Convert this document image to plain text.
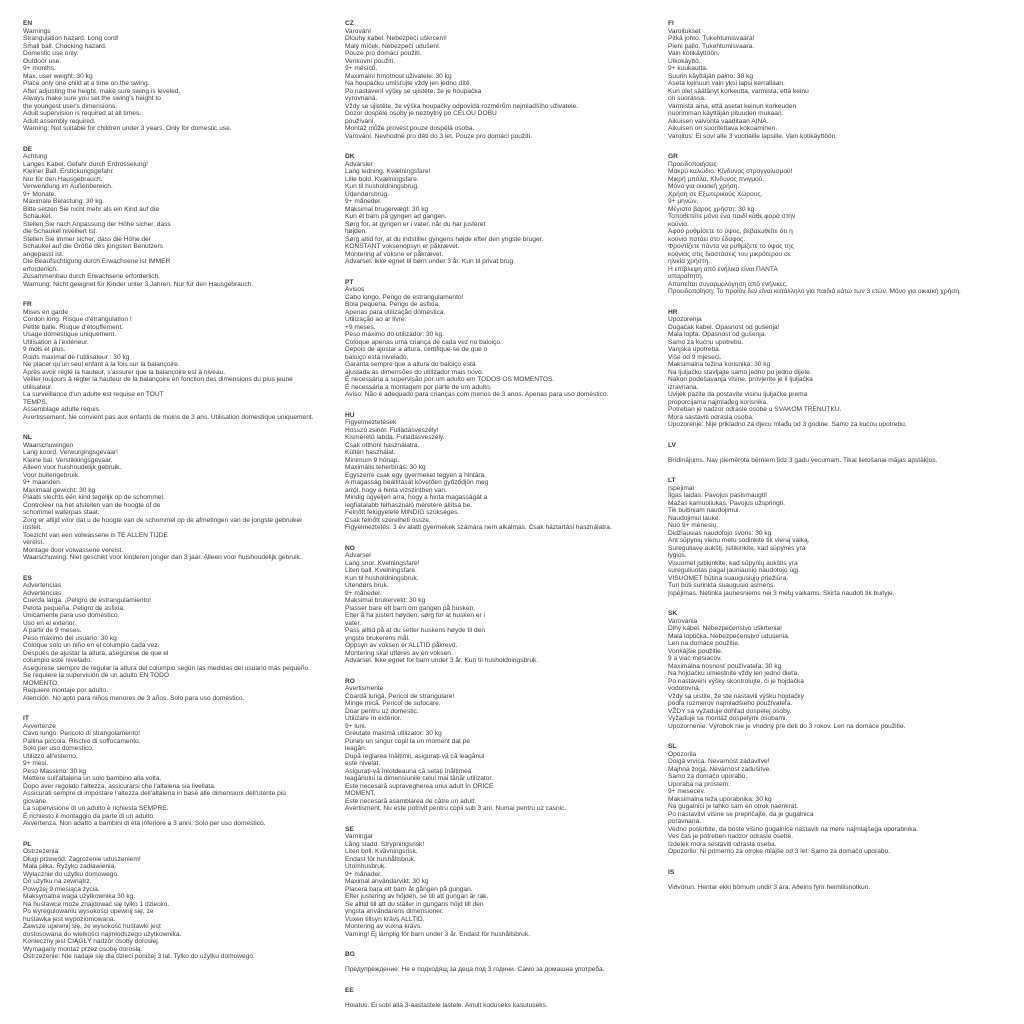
EN
Warnings
Strangulation hazard. Long cord!
Small ball. Chocking hazard.
Domestic use only.
Outdoor use.
9+ months.
Max. user weight: 30 kg
Place only one child at a time on the swing.
After adjusting the height, make sure swing is leveled.
Always make sure you set the swing's height to
the youngest user's dimensions.
Adult supervision is required at all times.
Adult assembly required.
Warning: Not suitable for children under 3 years. Only for domestic use.
DE
Achtung
Langes Kabel. Gefahr durch Erdrosselung!
Kleiner Ball. Erstickungsgefahr.
Nur für den Hausgebrauch.
Verwendung im Außenbereich.
9+ Monate.
Maximale Belastung: 30 kg.
Bitte setzen Sie nicht mehr als ein Kind auf die
Schaukel.
Stellen Sie nach Anpassung der Höhe sicher, dass
die Schaukel nivelliert ist.
Stellen Sie immer sicher, dass die Höhe der
Schaukel auf die Größe des jüngsten Benutzers
angepasst ist.
Die Beaufsichtigung durch Erwachsene ist IMMER
erforderlich.
Zusammenbau durch Erwachsene erforderlich.
Warnung: Nicht geeignet für Kinder unter 3 Jahren. Nur für den Hausgebrauch.
FR
Mises en garde
Cordon long. Risque d'étrangulation !
Petite balle. Risque d'étouffement.
Usage domestique uniquement.
Utilisation à l'extérieur.
9 mois et plus.
Poids maximal de l'utilisateur : 30 kg
Ne placer qu'un seul enfant à la fois sur la balançoire.
Après avoir réglé la hauteur, s'assurer que la balançoire est à niveau.
Veiller toujours à régler la hauteur de la balançoire en fonction des dimensions du plus jeune
utilisateur.
La surveillance d'un adulte est requise en TOUT
TEMPS.
Assemblage adulte requis.
Avertissement. Ne convient pas aux enfants de moins de 3 ans. Utilisation domestique uniquement.
NL
Waarschuwingen
Lang koord. Verwurgingsgevaar!
Kleine bal. Verstikkingsgevaar.
Alleen voor huishoudelijk gebruik.
Voor buitengebruik.
9+ maanden.
Maximaal gewicht: 30 kg
Plaats slechts één kind tegelijk op de schommel.
Controleer na het afstellen van de hoogte of de
schommel waterpas staat.
Zorg er altijd voor dat u de hoogte van de schommel op de afmetingen van de jongste gebruiker
instelt.
Toezicht van een volwassene is TE ALLEN TIJDE
vereist.
Montage door volwassene vereist.
Waarschuwing: Niet geschikt voor kinderen jonger dan 3 jaar. Alleen voor huishoudelijk gebruik.
ES
Advertencias
Advertencias
Cuerda larga. ¡Peligro de estrangulamiento!
Pelota pequeña. Peligro de asfixia.
Únicamente para uso doméstico.
Uso en el exterior.
A partir de 9 meses.
Peso máximo del usuario: 30 kg
Coloque solo un niño en el columpio cada vez.
Después de ajustar la altura, asegúrese de que el
columpio esté nivelado.
Asegúrese siempre de regular la altura del columpio según las medidas del usuario más pequeño.
Se requiere la supervisión de un adulto EN TODO
MOMENTO.
Requiere montaje por adulto.
Atención. No apto para niños menores de 3 años. Solo para uso doméstico.
IT
Avvertenze
Cavo lungo. Pericolo di strangolamento!
Pallina piccola. Rischio di soffocamento.
Solo per uso domestico.
Utilizzo all'esterno.
9+ mesi.
Peso Massimo: 30 kg
Mettere sull'altalena un solo bambino alla volta.
Dopo aver regolato l'altezza, assicurarsi che l'altalena sia livellata.
Assicurati sempre di impostare l'altezza dell'altalena in base alle dimensioni dell'utente più
giovane.
La supervisione di un adulto è richiesta SEMPRE.
È richiesto il montaggio da parte di un adulto.
Avvertenza. Non adatto a bambini di età inferiore a 3 anni. Solo per uso domestico.
PL
Ostrzeżenia
Długi przewód. Zagrożenie uduszeniem!
Mała piłka. Ryzyko zadławienia.
Wyłącznie do użytku domowego.
Do użytku na zewnątrz.
Powyżej 9 miesiąca życia.
Maksymalna waga użytkownika 30 kg.
Na huśtawce może znajdować się tylko 1 dziecko.
Po wyregulowaniu wysokości upewnij się, że
huśtawka jest wypoziomowana.
Zawsze upewnij się, że wysokość huśtawki jest
dostosowana do wielkości najmłodszego użytkownika.
Konieczny jest CIĄGŁY nadzór osoby dorosłej.
Wymagany montaż przez osobę dorosłą.
Ostrzeżenie: Nie nadaje się dla dzieci poniżej 3 lat. Tylko do użytku domowego.
CZ
Varování
Dlouhý kabel. Nebezpečí uškrcení!
Malý míček. Nebezpečí udušení.
Pouze pro domácí použití.
Venkovní použití.
9+ měsíců.
Maximální hmotnost uživatele: 30 kg
Na houpačku umisťujte vždy jen jedno dítě.
Po nastavení výšky se ujistěte, že je houpačka
vyrovnaná.
Vždy se ujistěte, že výška houpačky odpovídá rozměrům nejmladšího uživatele.
Dozor dospělé osoby je nezbytný po CELOU DOBU
používání.
Montáž může provést pouze dospělá osoba.
Varování. Nevhodné pro děti do 3 let. Pouze pro domácí použití.
DK
Advarsler
Lang ledning. Kvælningsfare!
Lille bold. Kvælningsfare.
Kun til husholdningsbrug.
Udendørsbrug.
9+ måneder.
Maksimal brugervægt: 30 kg
Kun ét barn på gyngen ad gangen.
Sørg for, at gyngen er i vater, når du har justeret
højden.
Sørg altid for, at du indstiller gyngens højde efter den yngste bruger.
KONSTANT voksenopsyn er påkrævet.
Montering af voksne er påkrævet.
Advarsel. Ikke egnet til børn under 3 år. Kun til privat brug.
PT
Avisos
Cabo longo. Perigo de estrangulamento!
Bola pequena. Perigo de asfixia.
Apenas para utilização doméstica.
Utilização ao ar livre.
+9 meses.
Peso máximo do utilizador: 30 kg.
Coloque apenas uma criança de cada vez no baloiço.
Depois de ajustar a altura, certifique-se de que o
baloiço está nivelado.
Garanta sempre que a altura do baloiço está
ajustada às dimensões do utilizador mais novo.
É necessária a supervisão por um adulto em TODOS OS MOMENTOS.
É necessária a montagem por parte de um adulto.
Aviso: Não é adequado para crianças com menos de 3 anos. Apenas para uso doméstico.
HU
Figyelmeztetések
Hosszú zsinór. Fulladásveszély!
Kisméretű labda. Fulladásveszély.
Csak otthoni használatra.
Kültéri használat.
Minimum 9 hónap.
Maximális teherbírás: 30 kg
Egyszerre csak egy gyermeket tegyen a hintára.
A magasság beállítását követően győződjön meg
arról, hogy a hinta vízszintben van.
Mindig ügyeljen arra, hogy a hinta magasságát a
legfiatalabb felhasználó méretére állítsa be.
Felnőtt felügyelete MINDIG szükséges.
Csak felnőtt szerelheti össze.
Figyelmeztetés. 3 év alatti gyermekek számára nem alkalmas. Csak háztartási használatra.
NO
Advarsel
Lang snor. Kvelningsfare!
Liten ball. Kvelningsfare.
Kun til husholdningsbruk.
Utendørs bruk.
9+ måneder.
Maksimal brukervekt: 30 kg
Plasser bare ett barn om gangen på husken.
Etter å ha justert høyden, sørg for at husken er i
vater.
Pass alltid på at du setter huskens høyde til den
yngste brukerens mål.
Oppsyn av voksen er ALLTID påkrevd.
Montering skal utføres av en voksen.
Advarsel. Ikke egnet for barn under 3 år. Kun til husholdningsbruk.
RO
Avertismente
Coardă lungă. Pericol de strangulare!
Minge mică. Pericol de sufocare.
Doar pentru uz domestic.
Utilizare în exterior.
9+ luni.
Greutate maximă utilizator: 30 kg
Puneți un singur copil la un moment dat pe
leagăn.
După reglarea înălțimii, asigurați-vă că leagănul
este nivelat.
Asigurați-vă întotdeauna că setați înălțimea
leagănului la dimensiunile celui mai tânăr utilizator.
Este necesară supravegherea unui adult în ORICE
MOMENT.
Este necesară asamblarea de către un adult.
Avertisment. Nu este potrivit pentru copii sub 3 ani. Numai pentru uz casnic.
SE
Varningar
Lång sladd. Strypningsrisk!
Liten boll. Kvävningsrisk.
Endast för hushållsbruk.
Utomhusbruk.
9+ månader.
Maximal användarvikt: 30 kg
Placera bara ett barn åt gången på gungan.
Efter justering av höjden, se till att gungan är rak.
Se alltid till att du ställer in gungans höjd till den
yngsta användarens dimensioner.
Vuxen tillsyn krävs ALLTID.
Montering av vuxna krävs.
Varning! Ej lämplig för barn under 3 år. Endast för hushållsbruk.
BG
Предупреждение: Не е подходящ за деца под 3 години. Само за домашна употреба.
EE
Hoiatus. Ei sobi alla 3-aastastele lastele. Ainult koduseks kasutuseks.
FI
Varoitukset
Pitkä johto. Tukehtumisvaara!
Pieni pallo. Tukehtumisvaara.
Vain kotikäyttöön.
Ulkokäyttö.
9+ kuukautta.
Suurin käyttäjän paino: 30 kg
Aseta keinuun vain yksi lapsi kerrallaan.
Kun olet säätänyt korkeutta, varmista, että keinu
on suorassa.
Varmista aina, että asetat keinun korkeuden
nuorimman käyttäjän pituuden mukaan.
Aikuisen valvonta vaaditaan AINA.
Aikuisen on suoritettava kokoaminen.
Varoitus: Ei sovi alle 3 vuotiaille lapsille. Vain kotikäyttöön.
GR
Προειδοποιήσεις
Μακρύ καλώδιο. Κίνδυνος στραγγαλισμού!
Μικρή μπάλα. Κίνδυνος πνιγμού.
Μόνο για οικιακή χρήση.
Χρήση σε Εξωτερικούς Χώρους.
9+ μηνών.
Μέγιστο βάρος χρήστη: 30 kg
Τοποθετείτε μόνο ένα παιδί κάθε φορά στην
κούνια.
Αφού ρυθμίσετε το ύψος, βεβαιωθείτε ότι η
κούνια πατάει στο έδαφος.
Φροντίζετε πάντα να ρυθμίζετε το ύψος της
κούνιας στις διαστάσεις του μικρότερου σε
ηλικία χρήστη.
Η επίβλεψη από ενήλικα είναι ΠΑΝΤΑ
απαραίτητη.
Απαιτείται συναρμολόγηση από ενήλικες.
Προειδοποίηση: Το προϊόν δεν είναι κατάλληλο για παιδιά κάτω των 3 ετών. Μόνο για οικιακή χρήση.
HR
Upozorenja
Dugačak kabel. Opasnost od gušenja!
Mala lopta. Opasnost od gušenja.
Samo za kućnu upotrebu.
Vanjska upotreba.
Više od 9 mjeseci.
Maksimalna težina korisnika: 30 kg
Na ljuljačku stavljajte samo jedno po jedno dijete.
Nakon podešavanja visine, provjerite je li ljuljačka
izravnana.
Uvijek pazite da postavite visinu ljuljačke prema
proporcijama najmlađeg korisnika.
Potreban je nadzor odrasle osobe u SVAKOM TRENUTKU.
Mora sastaviti odrasla osoba.
Upozorenje: Nije prikladno za djecu mlađu od 3 godine. Samo za kućnu upotrebu.
LV
Brīdinājums. Nav piemērota bērniem līdz 3 gadu vecumam. Tikai lietošanai mājas apstākļos.
LT
Įspėjimai
Ilgas laidas. Pavojus pasismaugti!
Mažas kamuoliukas. Pavojus užspringti.
Tik buitiniam naudojimui.
Naudojimui lauke.
Nuo 9+ mėnesių.
Didžiausias naudotojo svoris: 30 kg
Ant sūpynių vienu metu sodinkite tik vieną vaiką.
Sureguliavę aukštį, įsitikinkite, kad sūpynės yra
lygios.
Visuomet įsitikinkite, kad sūpynių aukštis yra
sureguliuotas pagal jauniausio naudotojo ūgį.
VISUOMET būtina suaugusiųjų priežiūra.
Turi būti surinkta suaugusio asmens.
Įspėjimas. Netinka jaunesniems nei 3 metų vaikams. Skirta naudoti tik buityje.
SK
Varovania
Dlhý kábel. Nebezpečenstvo uškrtenia!
Malá loptička. Nebezpečenstvo udusenia.
Len na domáce použitie.
Vonkajšie použitie.
9 a viac mesiacov.
Maximálna nosnosť používateľa: 30 kg
Na hojdačku umiestnite vždy len jedno dieťa.
Po nastavení výšky skontrolujte, či je hojdačka
vodorovná.
Vždy sa uistite, že ste nastavili výšku hojdačky
podľa rozmerov najmladšieho používateľa.
VŽDY sa vyžaduje dohľad dospelej osoby.
Vyžaduje sa montáž dospelými osobami.
Upozornenie: Výrobok nie je vhodný pre deti do 3 rokov. Len na domáce použitie.
SL
Opozorila
Dolga vrvica. Nevarnost zadavitve!
Majhna žoga. Nevarnost zadušitve.
Samo za domačo uporabo.
Uporaba na prostem.
9+ mesecev.
Maksimalna teža uporabnika: 30 kg
Na gugalnici je lahko sam en otrok naenkrat.
Po nastavitvi višine se prepričajte, da je gugalnica
poravnana.
Vedno poskrbite, da boste višino gugalnice nastavili na mere najmlajšega uporabnika.
Ves čas je potreben nadzor odrasle osebe.
Izdelek mora sestaviti odrasla oseba.
Opozorilo: Ni primerno za otroke mlajše od 3 let. Samo za domačo uporabo.
IS
Viðvörun. Hentar ekki börnum undir 3 ára. Aðeins fyrir heimilisnotkun.
